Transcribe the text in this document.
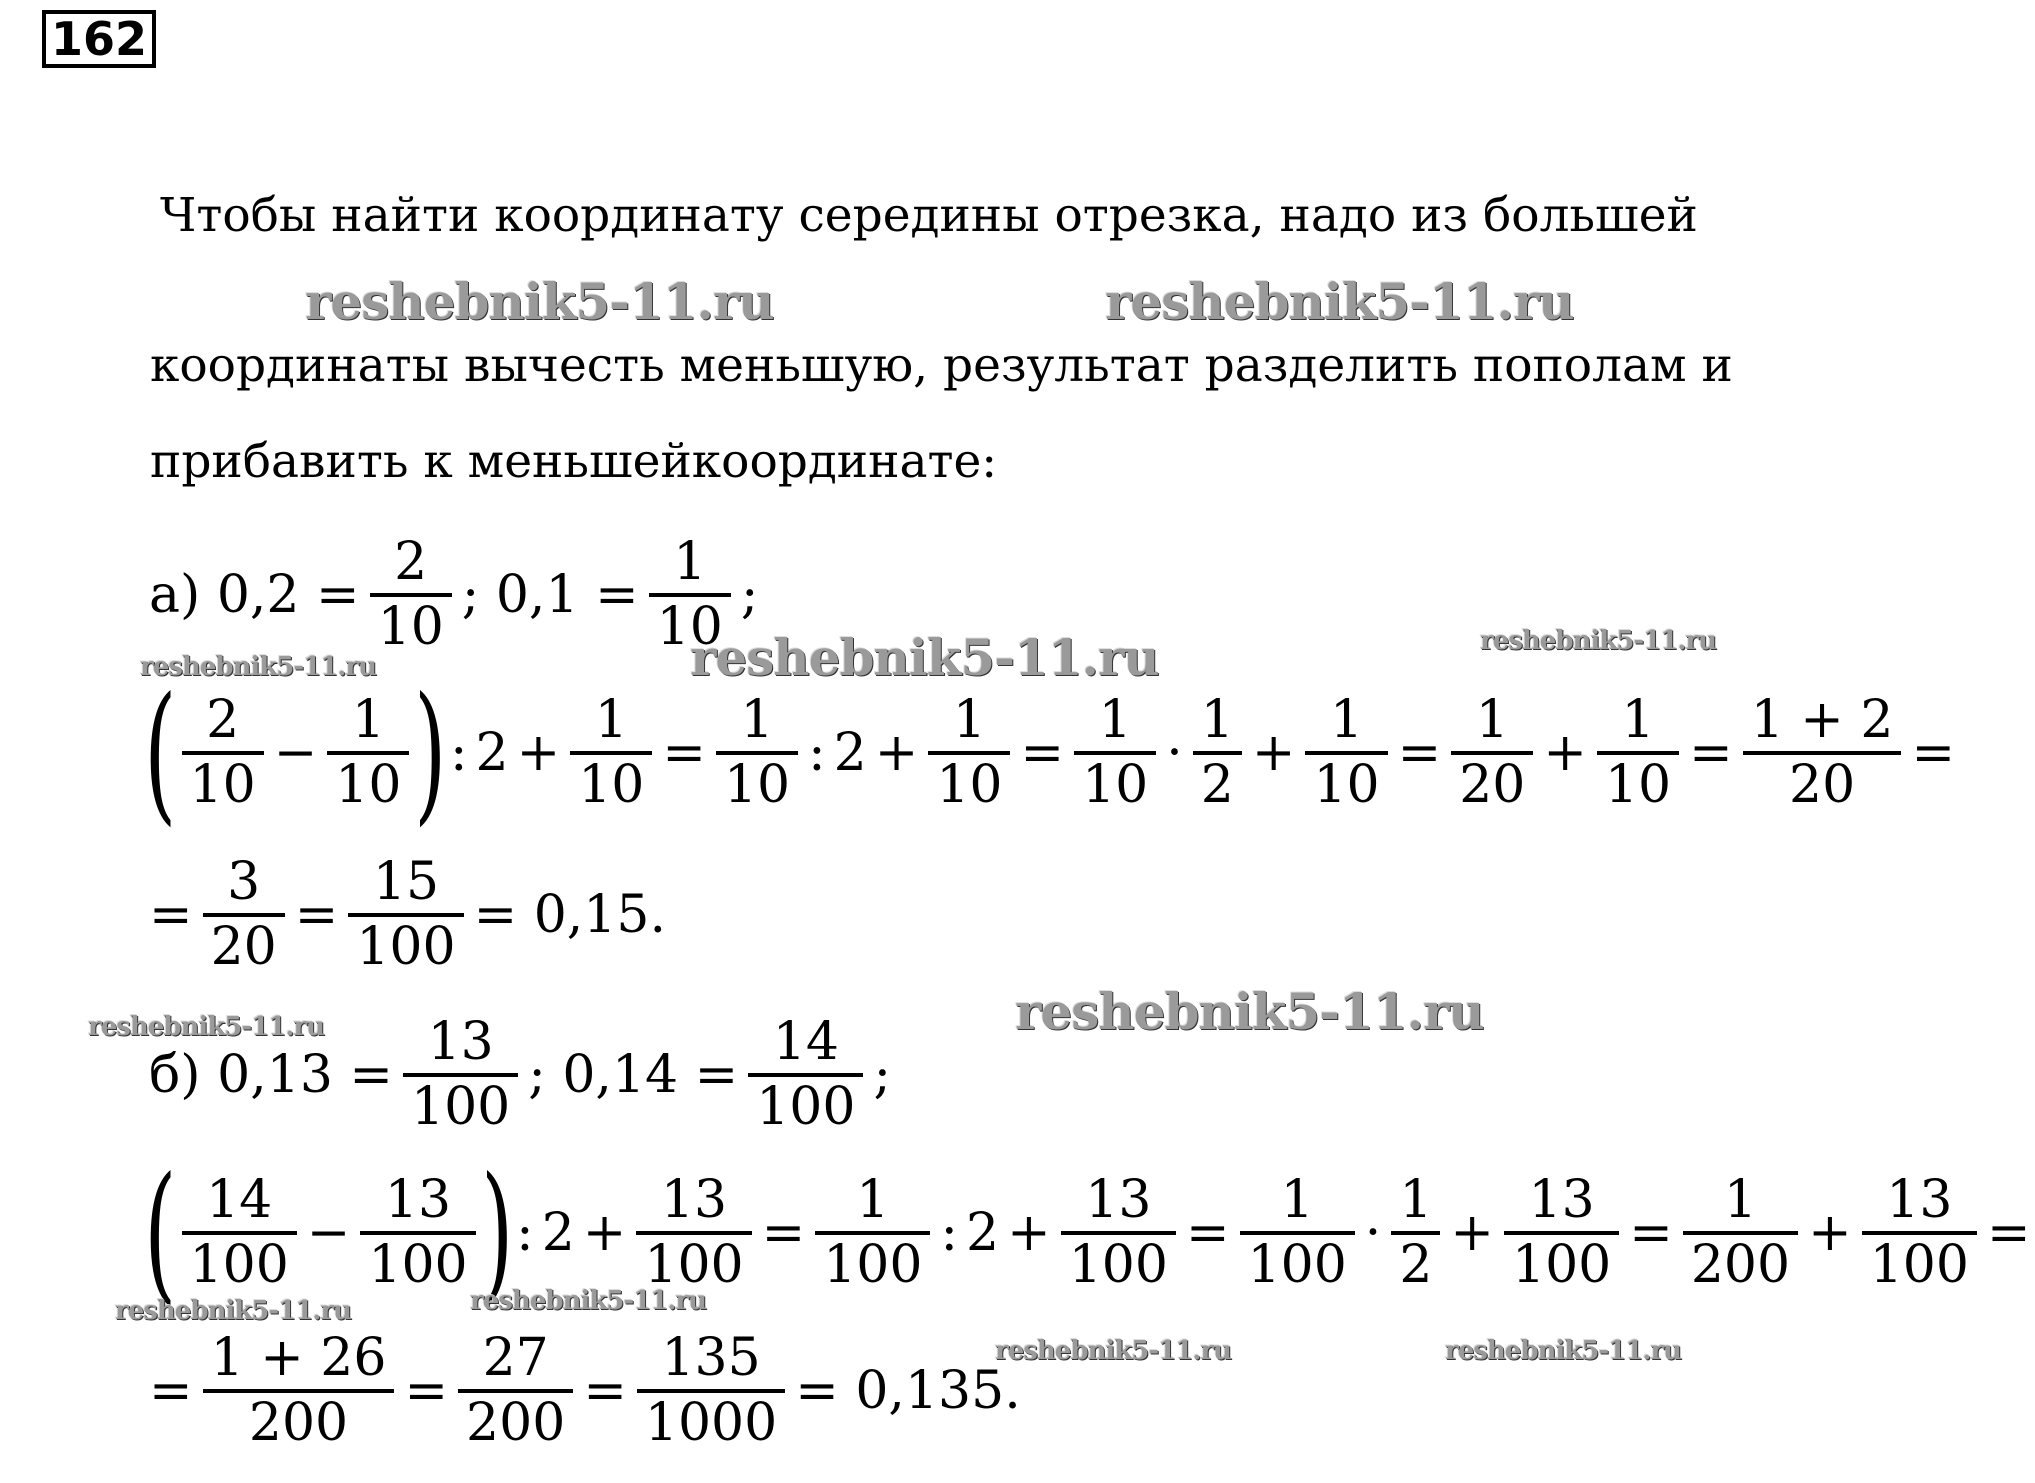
162
Чтобы найти координату середины отрезка, надо из большей
координаты вычесть меньшую, результат разделить пополам и
прибавить к меньшейкоординате:
а) $0,2 = \frac{2}{10}$ ; $0,1 = \frac{1}{10}$ ;
( $\frac{2}{10} - \frac{1}{10}$ ) : $2 + \frac{1}{10} = \frac{1}{10}$ : $2 + \frac{1}{10} = \frac{1}{10} \cdot \frac{1}{2} + \frac{1}{10} = \frac{1}{20} + \frac{1}{10} = \frac{1 + 2}{20}$ =
= $\frac{3}{20} = \frac{15}{100} = 0,15$.
б) $0,13 = \frac{13}{100}$ ; $0,14 = \frac{14}{100}$ ;
( $\frac{14}{100} - \frac{13}{100}$ ) : $2 + \frac{13}{100} = \frac{1}{100}$ : $2 + \frac{13}{100} = \frac{1}{100} \cdot \frac{1}{2} + \frac{13}{100} = \frac{1}{200} + \frac{13}{100}$ =
= $\frac{1 + 26}{200} = \frac{27}{200} = \frac{135}{1000} = 0,135$.
reshebnik5-11.ru	reshebnik5-11.ru
reshebnik5-11.ru	reshebnik5-11.ru
reshebnik5-11.ru
reshebnik5-11.ru
reshebnik5-11.ru
reshebnik5-11.ru	reshebnik5-11.ru
reshebnik5-11.ru	reshebnik5-11.ru
